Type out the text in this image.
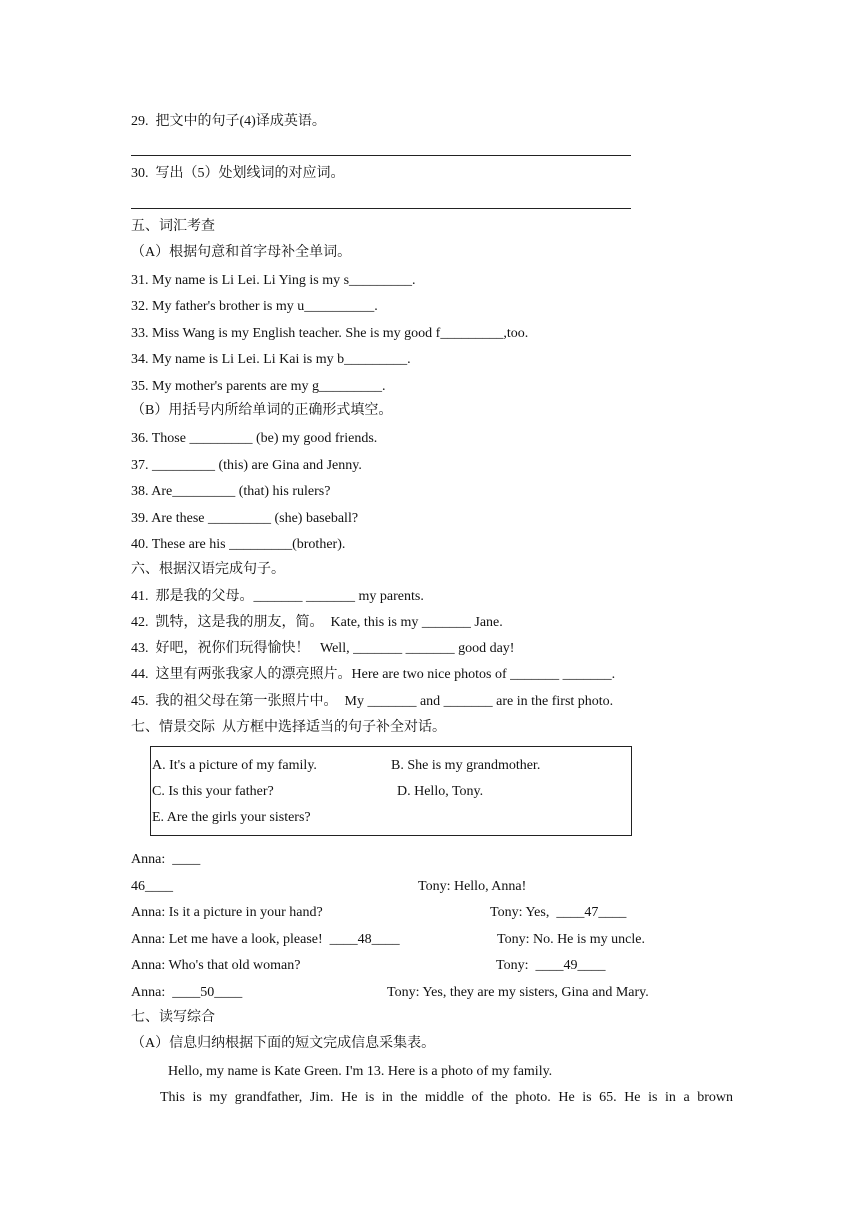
29.  把文中的句子(4)译成英语。
30.  写出（5）处划线词的对应词。
五、词汇考查
（A）根据句意和首字母补全单词。
31. My name is Li Lei. Li Ying is my s_________.
32. My father's brother is my u__________.
33. Miss Wang is my English teacher. She is my good f_________,too.
34. My name is Li Lei. Li Kai is my b_________.
35. My mother's parents are my g_________.
（B）用括号内所给单词的正确形式填空。
36. Those _________ (be) my good friends.
37. _________ (this) are Gina and Jenny.
38. Are_________ (that) his rulers?
39. Are these _________ (she) baseball?
40. These are his _________(brother).
六、根据汉语完成句子。
41.  那是我的父母。_______ _______ my parents.
42.  凯特，这是我的朋友，简。  Kate, this is my _______ Jane.
43.  好吧，祝你们玩得愉快！   Well, _______ _______ good day!
44.  这里有两张我家人的漂亮照片。Here are two nice photos of _______ _______.
45.  我的祖父母在第一张照片中。  My _______ and _______ are in the first photo.
七、情景交际  从方框中选择适当的句子补全对话。
A. It's a picture of my family.	B. She is my grandmother.
C. Is this your father?	D. Hello, Tony.
E. Are the girls your sisters?
Anna:  ____
46____	Tony: Hello, Anna!
Anna: Is it a picture in your hand?	Tony: Yes,  ____47____
Anna: Let me have a look, please!  ____48____	Tony: No. He is my uncle.
Anna: Who's that old woman?	Tony:  ____49____
Anna:  ____50____	Tony: Yes, they are my sisters, Gina and Mary.
七、读写综合
（A）信息归纳根据下面的短文完成信息采集表。
Hello, my name is Kate Green. I'm 13. Here is a photo of my family.
This is my grandfather, Jim. He is in the middle of the photo. He is 65. He is in a brown
